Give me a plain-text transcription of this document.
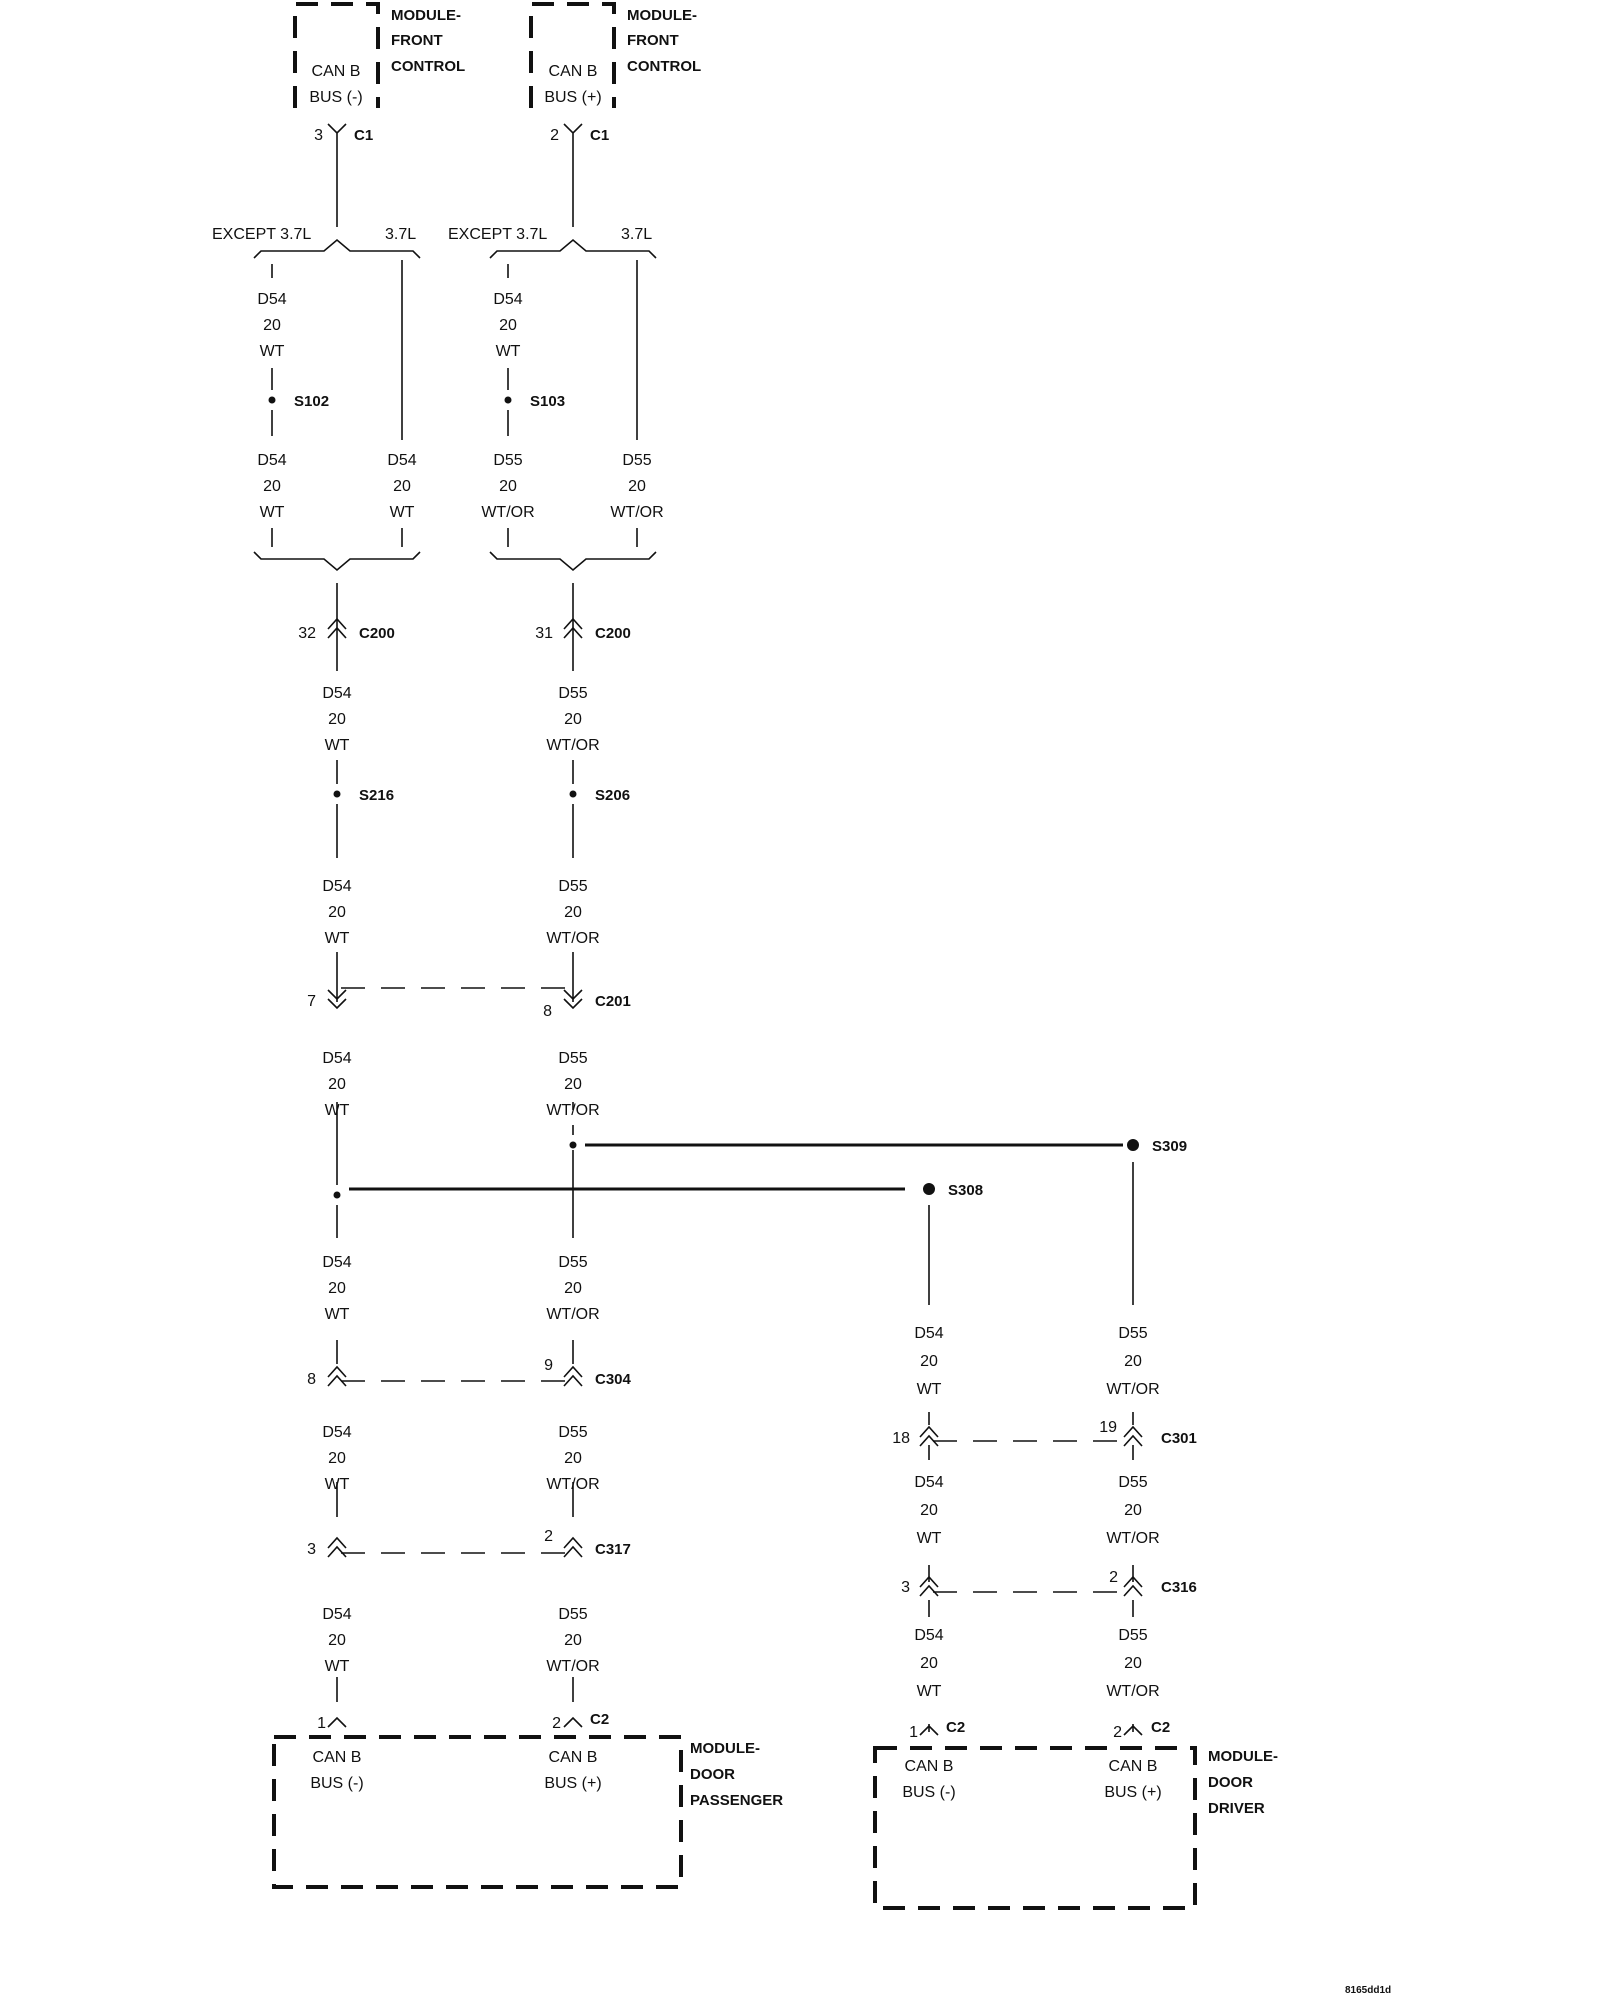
CAN B
BUS (-)
MODULE-
FRONT
CONTROL	CAN B
BUS (+)
MODULE-
FRONT
CONTROL
3 C1	2 C1
EXCEPT 3.7L	3.7L EXCEPT 3.7L	3.7L
D54
20
WT
S102
D54
20
WT
D54
20
WT
D54
20
WT
S103
D55
20
WT/OR
D55
20
WT/OR
32	C200
D54
20
WT
S216
D54
20
WT
7
D54
20
WT
D54
20
WT
8
D54
20
WT
3
D54
20
WT
1
31	C200
D55
20
WT/OR
S206
D55
20
WT/OR
8
C201
D55
20
WT/OR
D55
20
WT/OR
9
C304
D55
20
WT/OR
2
C317
D55
20
WT/OR
2 C2
S309
S308
D54
20
WT
18
D54
20
WT
3
D54
20
WT
1 C2
D55
20
WT/OR
19
C301
D55
20
WT/OR
2
C316
D55
20
WT/OR
2 C2
CAN B
BUS (-)
CAN B
BUS (+)
MODULE-
DOOR
PASSENGER
CAN B
BUS (-)
CAN B
BUS (+)
MODULE-
DOOR
DRIVER
8165dd1d
